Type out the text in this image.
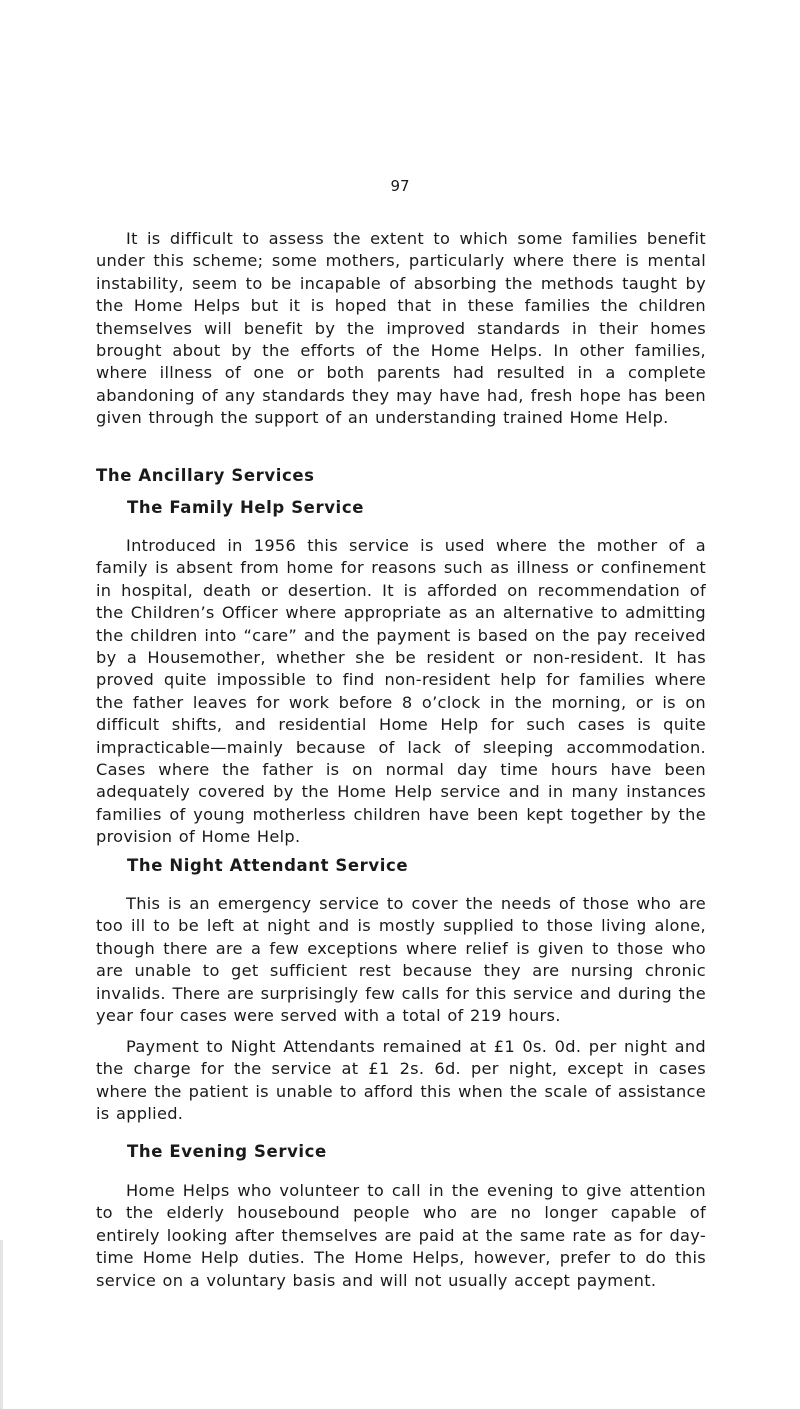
97

It is difficult to assess the extent to which some families benefit under this scheme; some mothers, particularly where there is mental instability, seem to be incapable of absorbing the methods taught by the Home Helps but it is hoped that in these families the children themselves will benefit by the improved standards in their homes brought about by the efforts of the Home Helps. In other families, where illness of one or both parents had resulted in a complete abandoning of any standards they may have had, fresh hope has been given through the support of an understanding trained Home Help.

The Ancillary Services
The Family Help Service

Introduced in 1956 this service is used where the mother of a family is absent from home for reasons such as illness or confinement in hospital, death or desertion. It is afforded on recommendation of the Children’s Officer where appropriate as an alternative to admitting the children into “care” and the payment is based on the pay received by a Housemother, whether she be resident or non-resident. It has proved quite impossible to find non-resident help for families where the father leaves for work before 8 o’clock in the morning, or is on difficult shifts, and residential Home Help for such cases is quite impracticable—mainly because of lack of sleeping accommodation. Cases where the father is on normal day time hours have been adequately covered by the Home Help service and in many instances families of young motherless children have been kept together by the provision of Home Help.

The Night Attendant Service

This is an emergency service to cover the needs of those who are too ill to be left at night and is mostly supplied to those living alone, though there are a few exceptions where relief is given to those who are unable to get sufficient rest because they are nursing chronic invalids. There are surprisingly few calls for this service and during the year four cases were served with a total of 219 hours.

Payment to Night Attendants remained at £1 0s. 0d. per night and the charge for the service at £1 2s. 6d. per night, except in cases where the patient is unable to afford this when the scale of assistance is applied.

The Evening Service

Home Helps who volunteer to call in the evening to give attention to the elderly housebound people who are no longer capable of entirely looking after themselves are paid at the same rate as for day-time Home Help duties. The Home Helps, however, prefer to do this service on a voluntary basis and will not usually accept payment.
